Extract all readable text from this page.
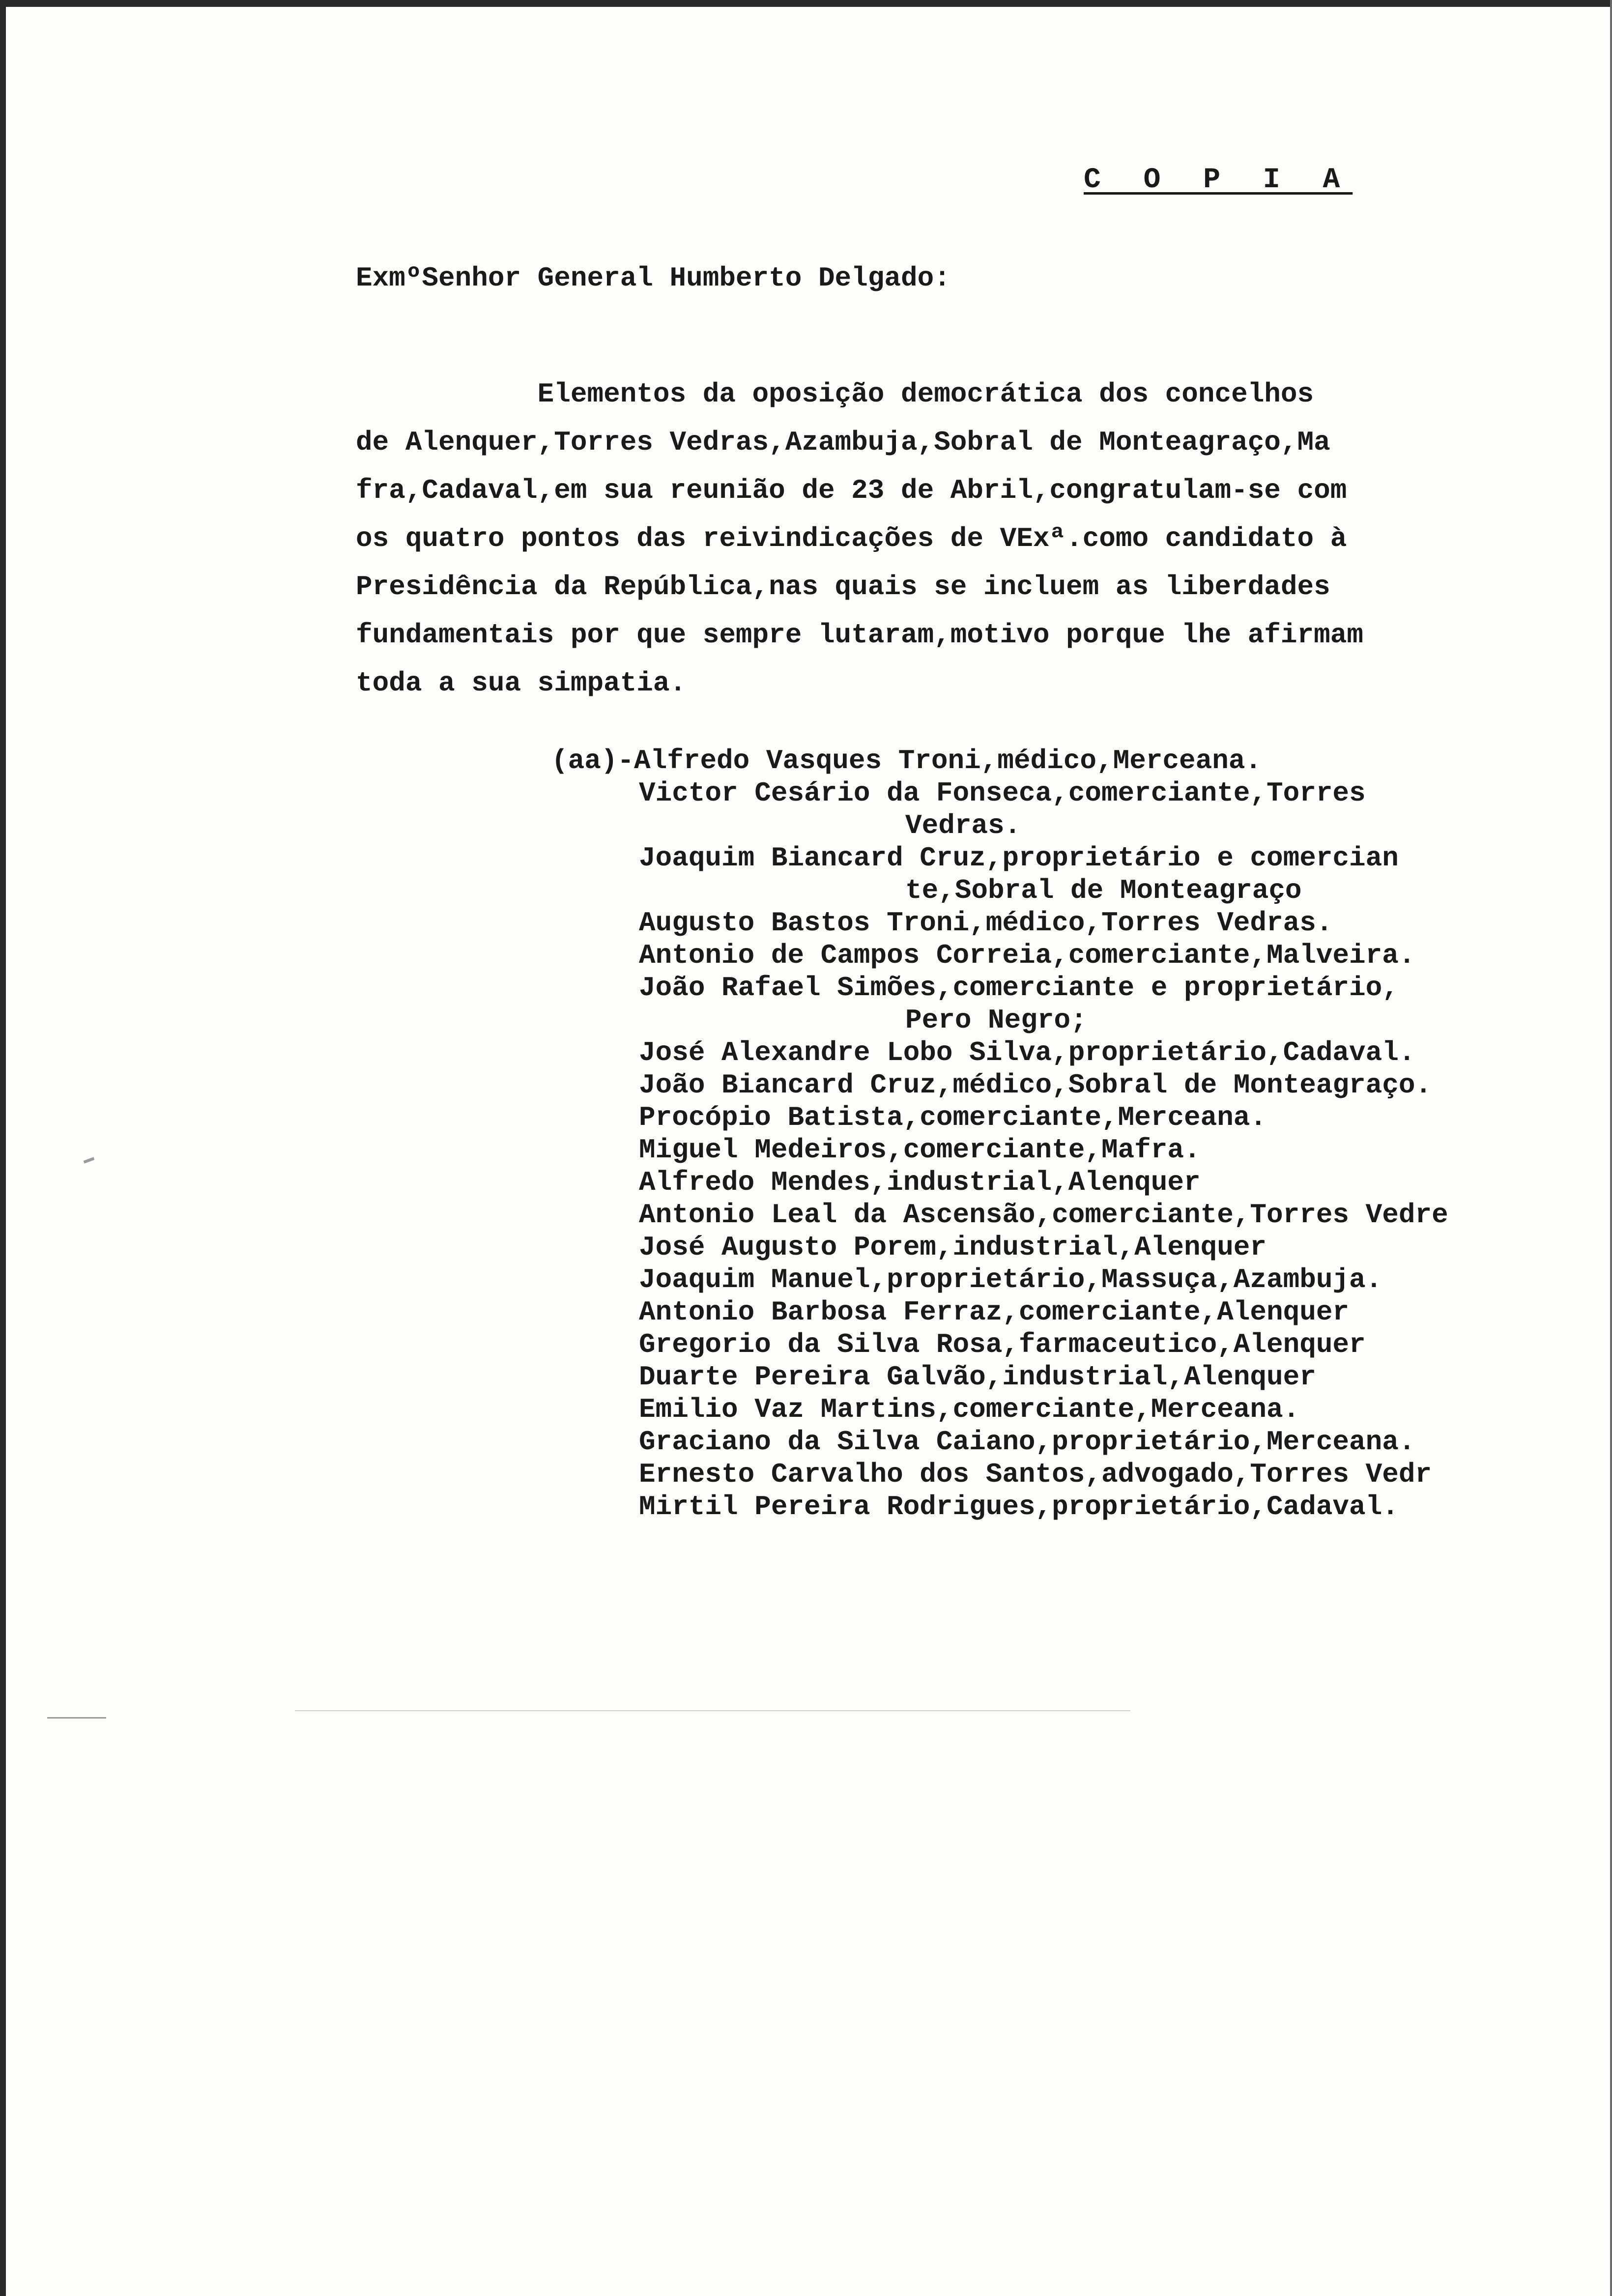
C O P I A
ExmºSenhor General Humberto Delgado:
Elementos da oposição democrática dos concelhos
de Alenquer,Torres Vedras,Azambuja,Sobral de Monteagraço,Ma
fra,Cadaval,em sua reunião de 23 de Abril,congratulam-se com
os quatro pontos das reivindicações de VExª.como candidato à
Presidência da República,nas quais se incluem as liberdades
fundamentais por que sempre lutaram,motivo porque lhe afirmam
toda a sua simpatia.
(aa)-Alfredo Vasques Troni,médico,Merceana.
Victor Cesário da Fonseca,comerciante,Torres
Vedras.
Joaquim Biancard Cruz,proprietário e comercian
te,Sobral de Monteagraço
Augusto Bastos Troni,médico,Torres Vedras.
Antonio de Campos Correia,comerciante,Malveira.
João Rafael Simões,comerciante e proprietário,
Pero Negro;
José Alexandre Lobo Silva,proprietário,Cadaval.
João Biancard Cruz,médico,Sobral de Monteagraço.
Procópio Batista,comerciante,Merceana.
Miguel Medeiros,comerciante,Mafra.
Alfredo Mendes,industrial,Alenquer
Antonio Leal da Ascensão,comerciante,Torres Vedre
José Augusto Porem,industrial,Alenquer
Joaquim Manuel,proprietário,Massuça,Azambuja.
Antonio Barbosa Ferraz,comerciante,Alenquer
Gregorio da Silva Rosa,farmaceutico,Alenquer
Duarte Pereira Galvão,industrial,Alenquer
Emilio Vaz Martins,comerciante,Merceana.
Graciano da Silva Caiano,proprietário,Merceana.
Ernesto Carvalho dos Santos,advogado,Torres Vedr
Mirtil Pereira Rodrigues,proprietário,Cadaval.
